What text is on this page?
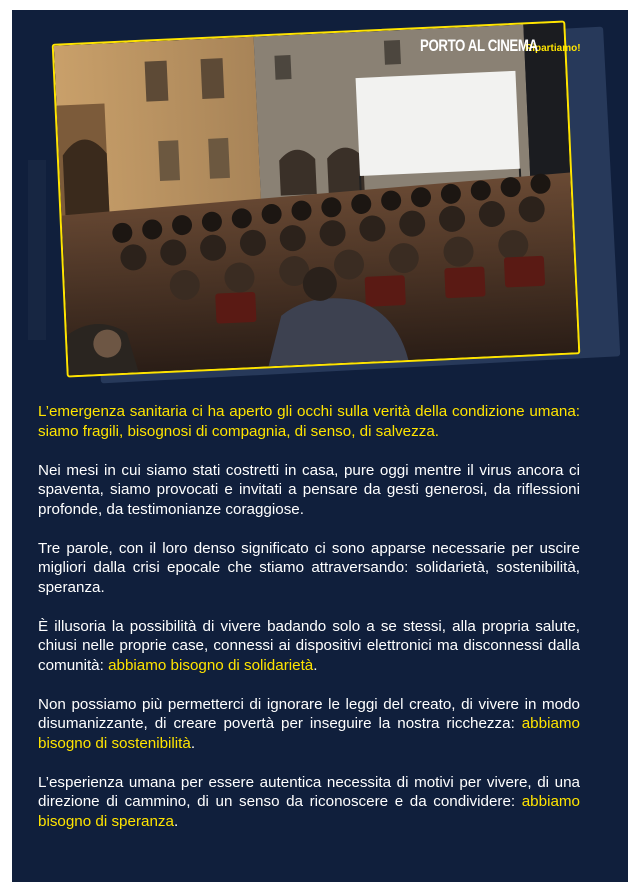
PORTO AL CINEMA
Ripartiamo!

L’emergenza sanitaria ci ha aperto gli occhi sulla verità della condizione umana: siamo fragili, bisognosi di compagnia, di senso, di salvezza.

Nei mesi in cui siamo stati costretti in casa, pure oggi mentre il virus ancora ci spaventa, siamo provocati e invitati a pensare da gesti generosi, da riflessioni profonde, da testimonianze coraggiose.

Tre parole, con il loro denso significato ci sono apparse necessarie per uscire migliori dalla crisi epocale che stiamo attraversando: solidarietà, sostenibilità, speranza.

È illusoria la possibilità di vivere badando solo a se stessi, alla propria salute, chiusi nelle proprie case, connessi ai dispositivi elettronici ma disconnessi dalla comunità: abbiamo bisogno di solidarietà.

Non possiamo più permetterci di ignorare le leggi del creato, di vivere in modo disumanizzante, di creare povertà per inseguire la nostra ricchezza: abbiamo bisogno di sostenibilità.

L’esperienza umana per essere autentica necessita di motivi per vivere, di una direzione di cammino, di un senso da riconoscere e da condividere: abbiamo bisogno di speranza.
